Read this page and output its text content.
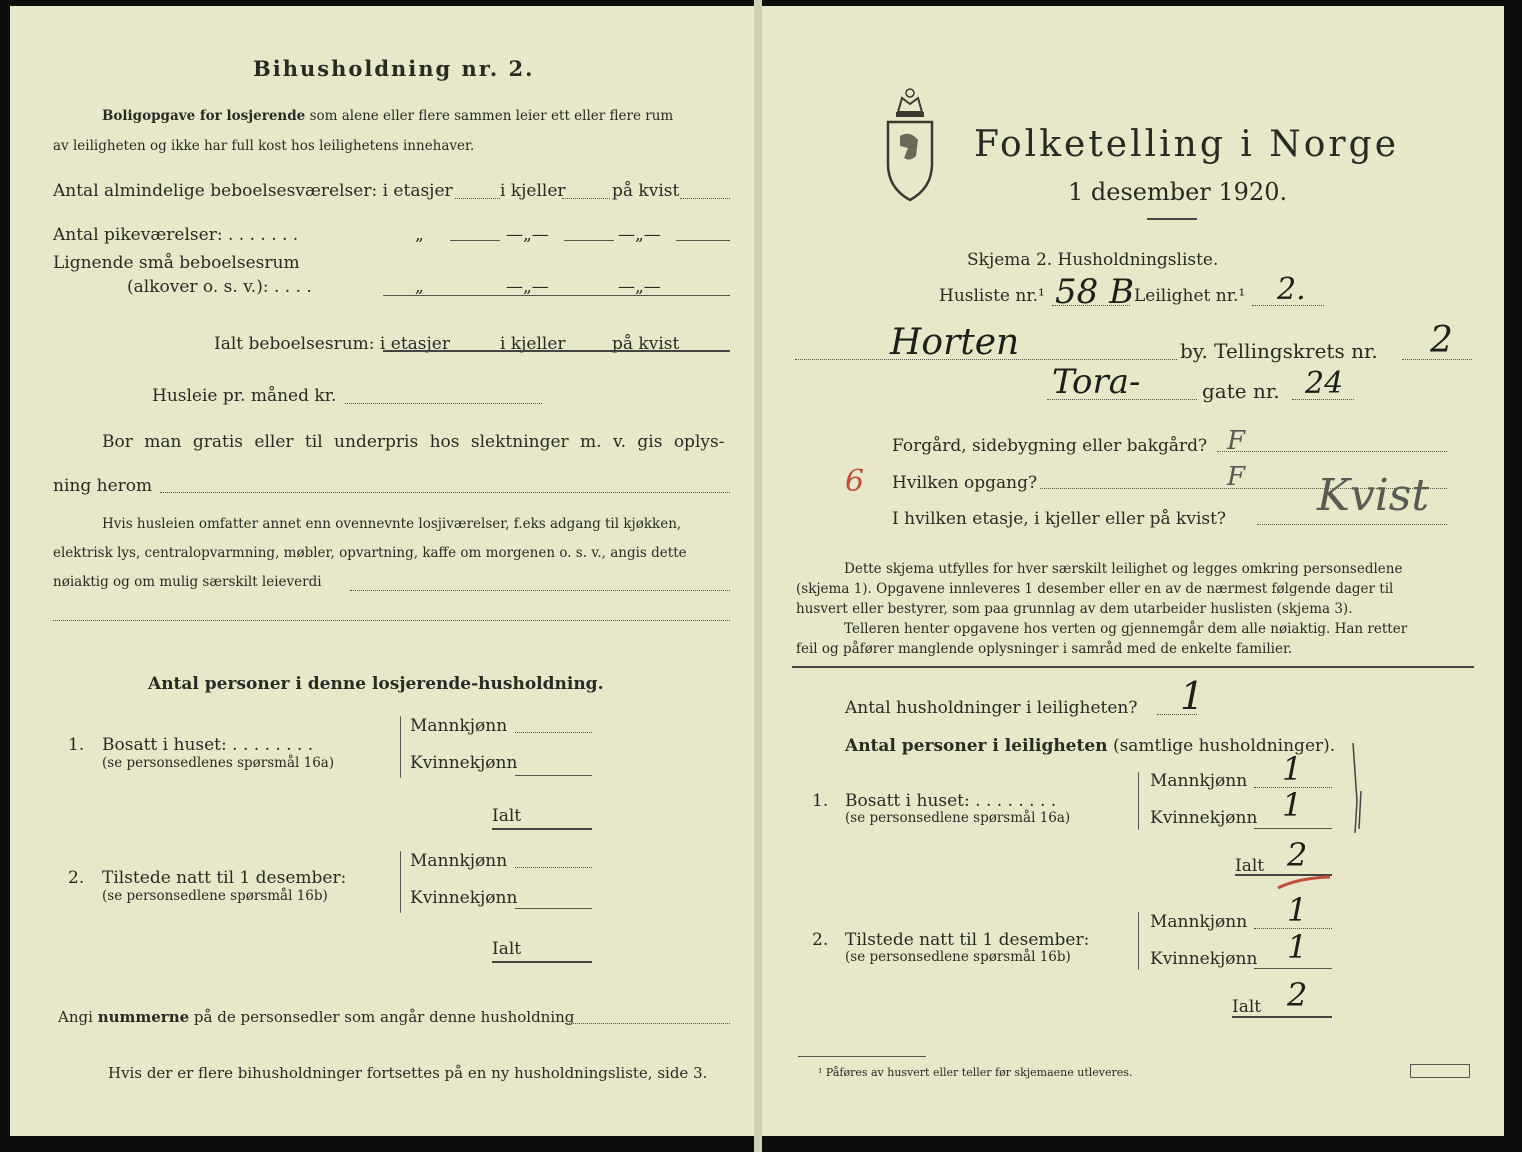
Bihusholdning nr. 2.
Boligopgave for losjerende som alene eller flere sammen leier ett eller flere rum
av leiligheten og ikke har full kost hos leilighetens innehaver.
Antal almindelige beboelsesværelser: i etasjer	i kjeller	på kvist
Antal pikeværelser: . . . . . . .	„	—„—	—„—
Lignende små beboelsesrum
(alkover o. s. v.): . . . .	„	—„—	—„—
Ialt beboelsesrum: i etasjer	i kjeller	på kvist
Husleie pr. måned kr.
Bor man gratis eller til underpris hos slektninger m. v. gis oplys-
ning herom
Hvis husleien omfatter annet enn ovennevnte losjiværelser, f.eks adgang til kjøkken,
elektrisk lys, centralopvarmning, møbler, opvartning, kaffe om morgenen o. s. v., angis dette
nøiaktig og om mulig særskilt leieverdi
Antal personer i denne losjerende-husholdning.
1. Bosatt i huset: . . . . . . . .
(se personsedlenes spørsmål 16a)
Mannkjønn
Kvinnekjønn
Ialt
2. Tilstede natt til 1 desember:
(se personsedlene spørsmål 16b)
Mannkjønn
Kvinnekjønn
Ialt
Angi nummerne på de personsedler som angår denne husholdning
Hvis der er flere bihusholdninger fortsettes på en ny husholdningsliste, side 3.
Folketelling i Norge
1 desember 1920.
Skjema 2. Husholdningsliste.
Husliste nr.¹ 58 B Leilighet nr.¹ 2.
Horten	by. Tellingskrets nr. 2
Tora-	gate nr. 24
Forgård, sidebygning eller bakgård? F
6 Hvilken opgang?	F
I hvilken etasje, i kjeller eller på kvist? Kvist
Dette skjema utfylles for hver særskilt leilighet og legges omkring personsedlene
(skjema 1). Opgavene innleveres 1 desember eller en av de nærmest følgende dager til
husvert eller bestyrer, som paa grunnlag av dem utarbeider huslisten (skjema 3).
Telleren henter opgavene hos verten og gjennemgår dem alle nøiaktig. Han retter
feil og påfører manglende oplysninger i samråd med de enkelte familier.
Antal husholdninger i leiligheten? 1
Antal personer i leiligheten (samtlige husholdninger).
1. Bosatt i huset: . . . . . . . .
(se personsedlene spørsmål 16a)
Mannkjønn 1
Kvinnekjønn 1
Ialt 2
2. Tilstede natt til 1 desember:
(se personsedlene spørsmål 16b)
Mannkjønn 1
Kvinnekjønn 1
Ialt 2
¹ Påføres av husvert eller teller før skjemaene utleveres.
